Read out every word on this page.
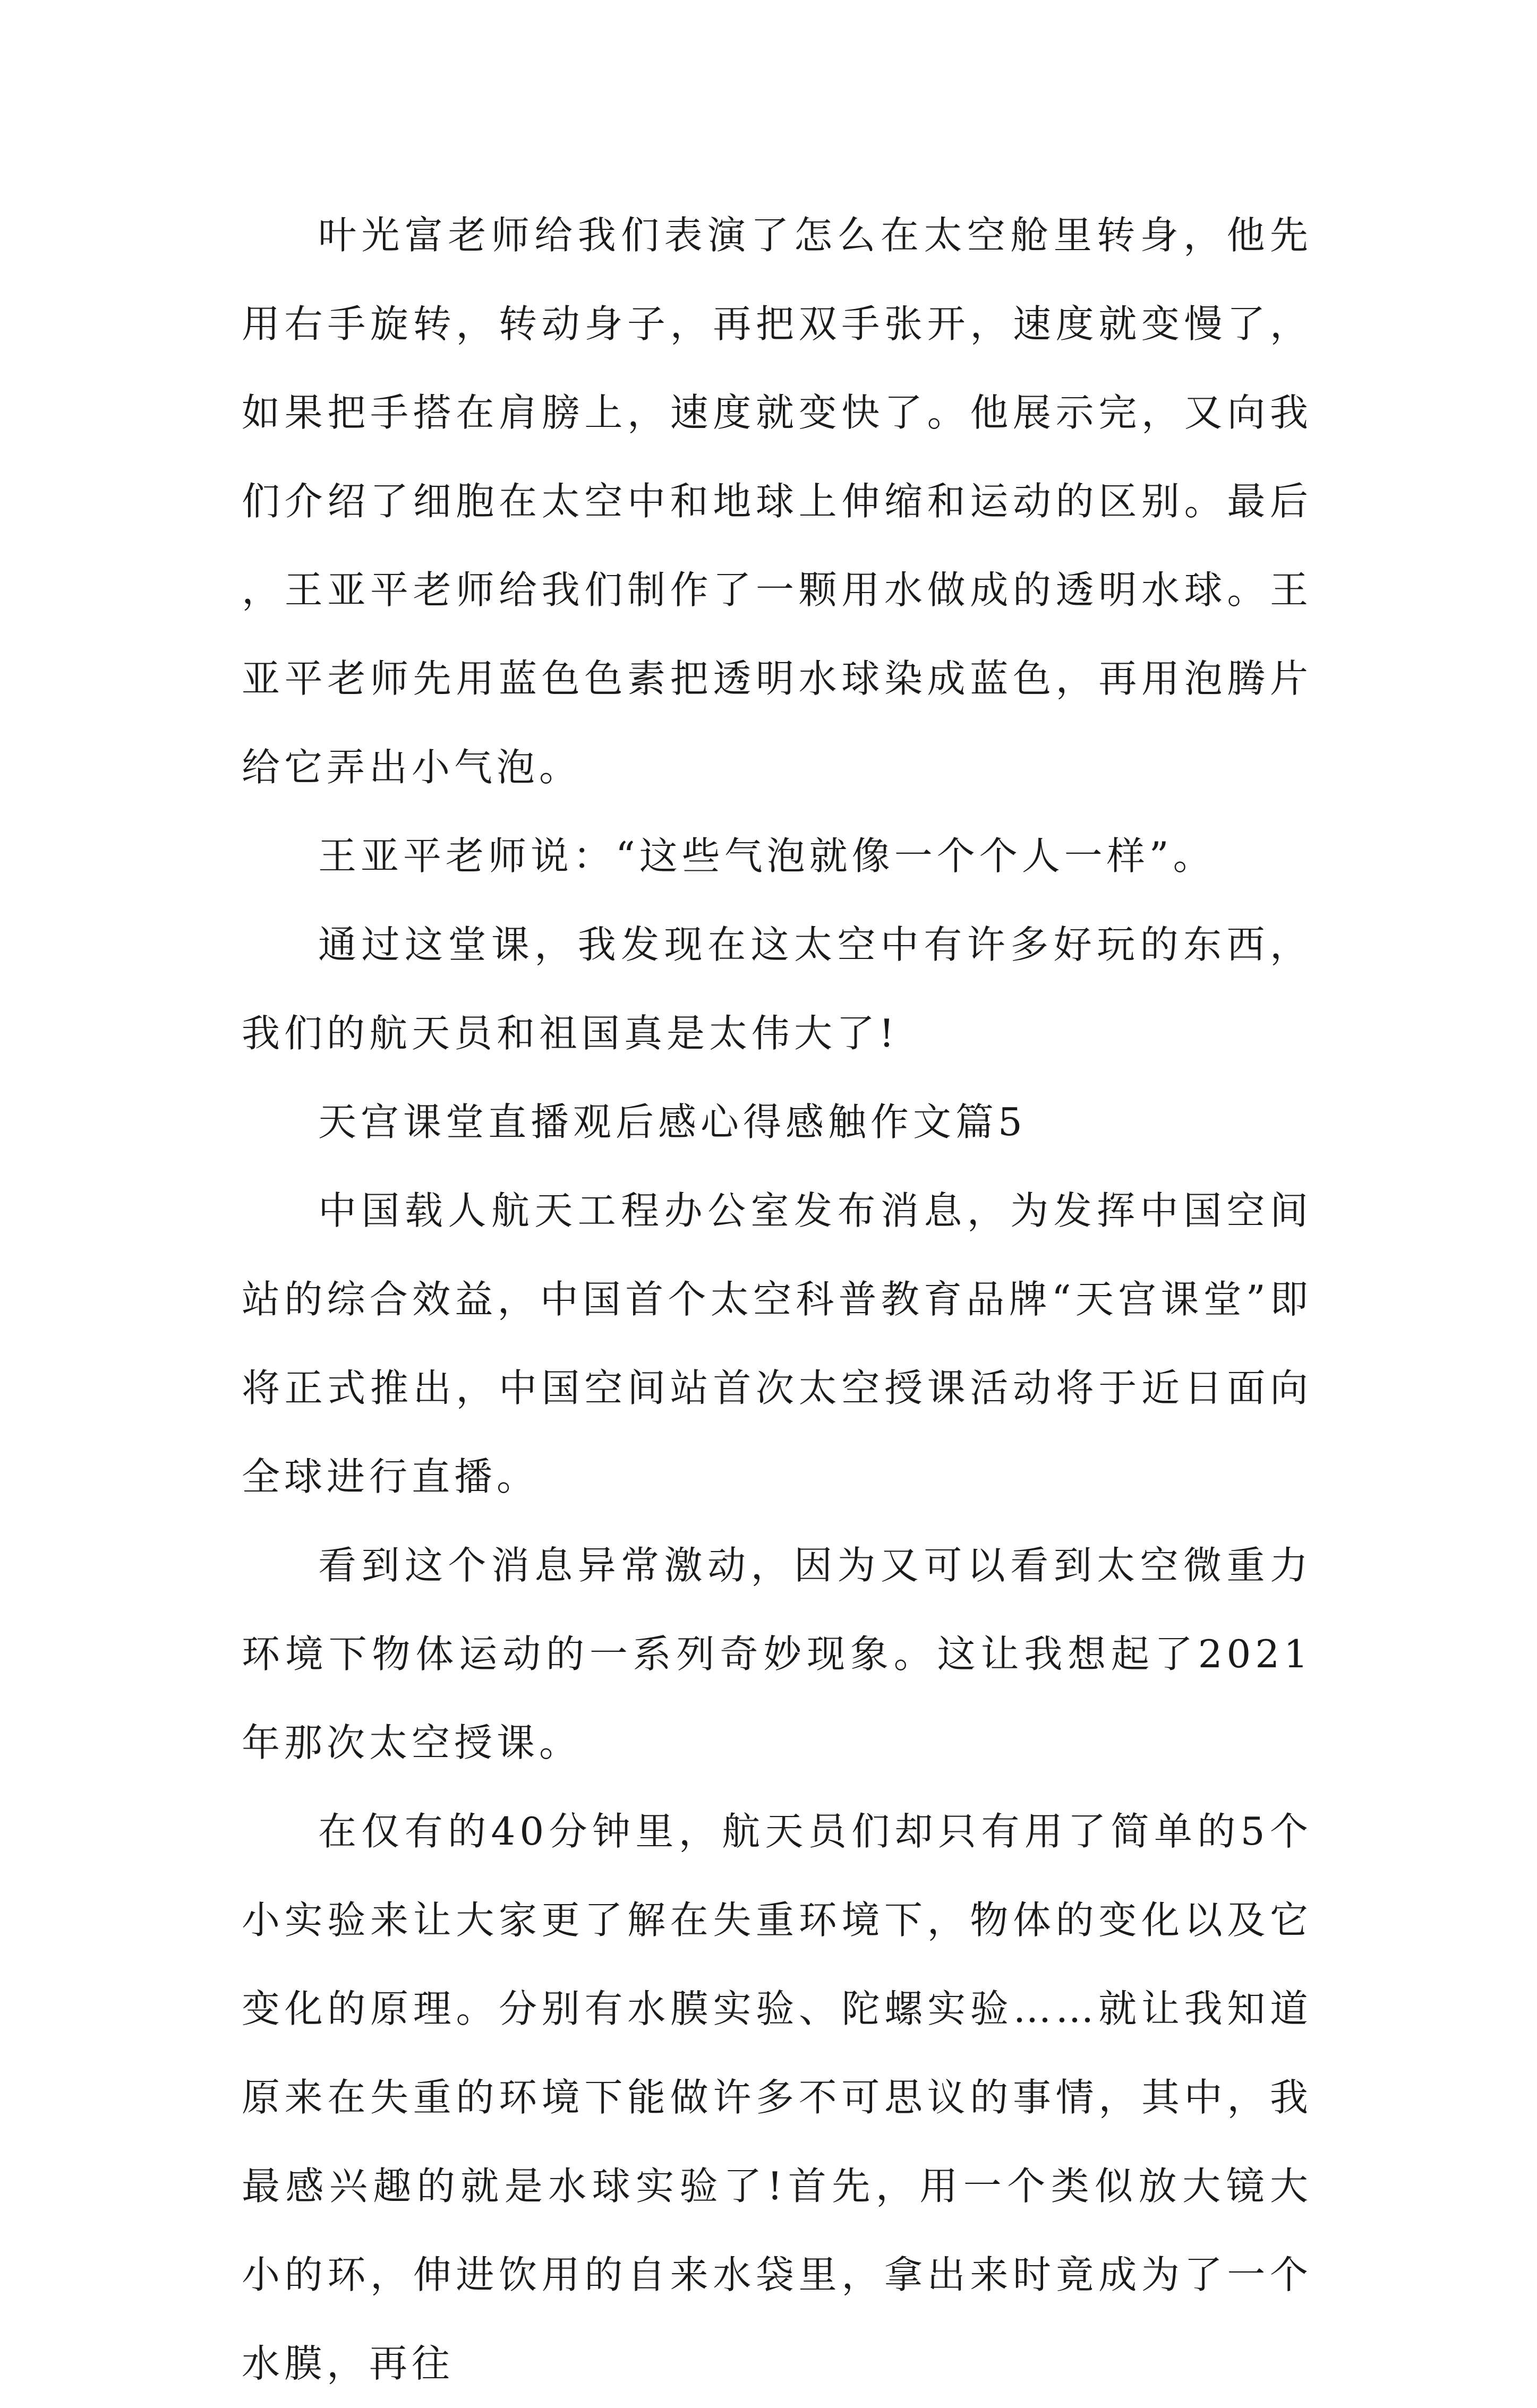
叶光富老师给我们表演了怎么在太空舱里转身，他先用右手旋转，转动身子，再把双手张开，速度就变慢了，如果把手搭在肩膀上，速度就变快了。他展示完，又向我们介绍了细胞在太空中和地球上伸缩和运动的区别。最后，王亚平老师给我们制作了一颗用水做成的透明水球。王亚平老师先用蓝色色素把透明水球染成蓝色，再用泡腾片给它弄出小气泡。

王亚平老师说：“这些气泡就像一个个人一样”。

通过这堂课，我发现在这太空中有许多好玩的东西，我们的航天员和祖国真是太伟大了!

天宫课堂直播观后感心得感触作文篇5

中国载人航天工程办公室发布消息，为发挥中国空间站的综合效益，中国首个太空科普教育品牌“天宫课堂”即将正式推出，中国空间站首次太空授课活动将于近日面向全球进行直播。

看到这个消息异常激动，因为又可以看到太空微重力环境下物体运动的一系列奇妙现象。这让我想起了2021年那次太空授课。

在仅有的40分钟里，航天员们却只有用了简单的5个小实验来让大家更了解在失重环境下，物体的变化以及它变化的原理。分别有水膜实验、陀螺实验……就让我知道原来在失重的环境下能做许多不可思议的事情，其中，我最感兴趣的就是水球实验了!首先，用一个类似放大镜大小的环，伸进饮用的自来水袋里，拿出来时竟成为了一个水膜，再往
